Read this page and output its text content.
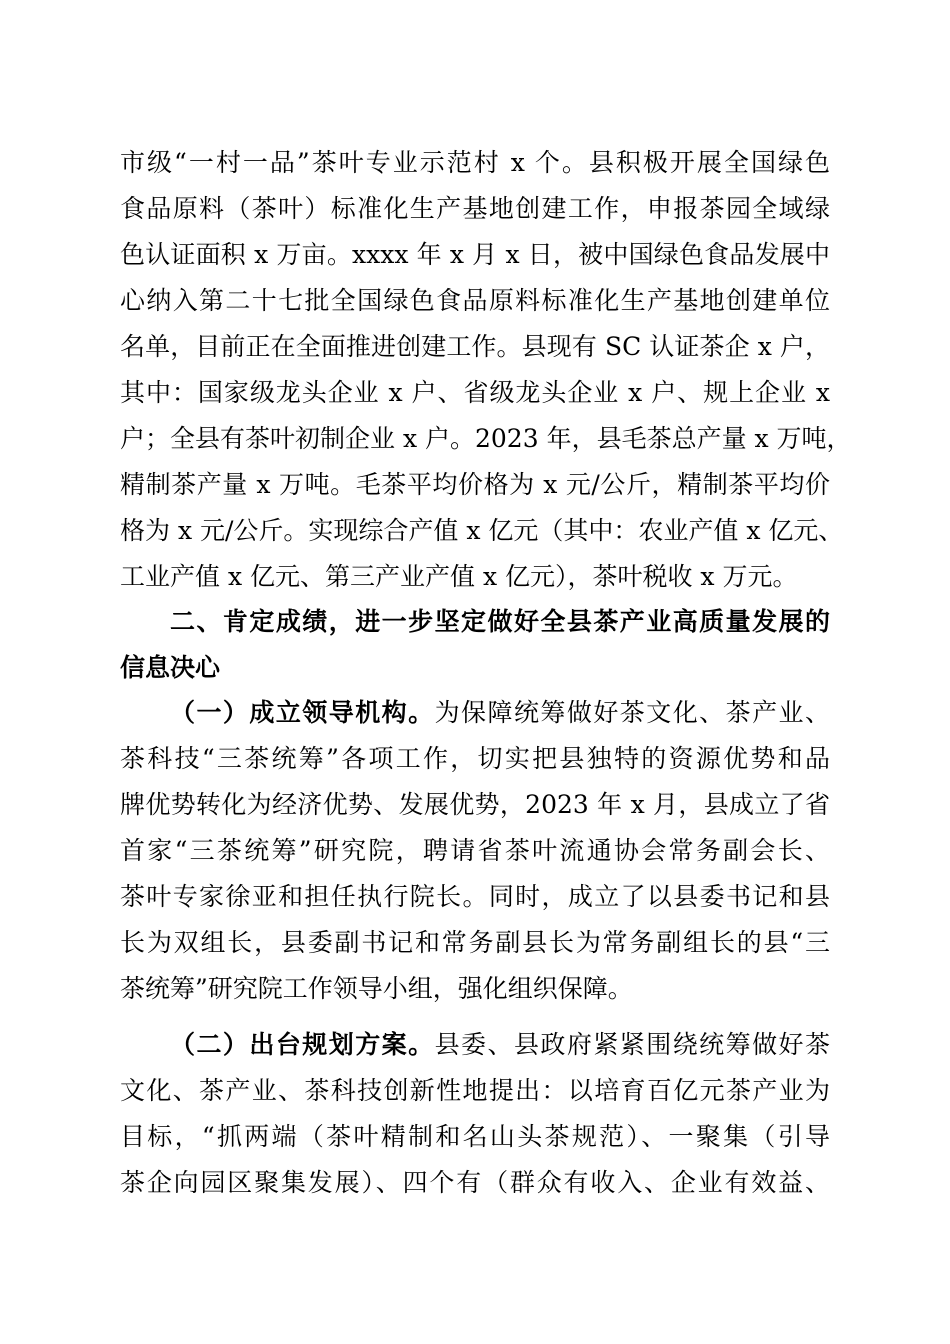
市级“一村一品”茶叶专业示范村 x 个。县积极开展全国绿色
食品原料（茶叶）标准化生产基地创建工作，申报茶园全域绿
色认证面积 x 万亩。xxxx 年 x 月 x 日，被中国绿色食品发展中
心纳入第二十七批全国绿色食品原料标准化生产基地创建单位
名单，目前正在全面推进创建工作。县现有 SC 认证茶企 x 户，
其中：国家级龙头企业 x 户、省级龙头企业 x 户、规上企业 x
户；全县有茶叶初制企业 x 户。2023 年，县毛茶总产量 x 万吨，
精制茶产量 x 万吨。毛茶平均价格为 x 元/公斤，精制茶平均价
格为 x 元/公斤。实现综合产值 x 亿元（其中：农业产值 x 亿元、
工业产值 x 亿元、第三产业产值 x 亿元），茶叶税收 x 万元。
二、肯定成绩，进一步坚定做好全县茶产业高质量发展的
信息决心
（一）成立领导机构。为保障统筹做好茶文化、茶产业、
茶科技“三茶统筹”各项工作，切实把县独特的资源优势和品
牌优势转化为经济优势、发展优势，2023 年 x 月，县成立了省
首家“三茶统筹”研究院，聘请省茶叶流通协会常务副会长、
茶叶专家徐亚和担任执行院长。同时，成立了以县委书记和县
长为双组长，县委副书记和常务副县长为常务副组长的县“三
茶统筹”研究院工作领导小组，强化组织保障。
（二）出台规划方案。县委、县政府紧紧围绕统筹做好茶
文化、茶产业、茶科技创新性地提出：以培育百亿元茶产业为
目标，“抓两端（茶叶精制和名山头茶规范）、一聚集（引导
茶企向园区聚集发展）、四个有（群众有收入、企业有效益、
